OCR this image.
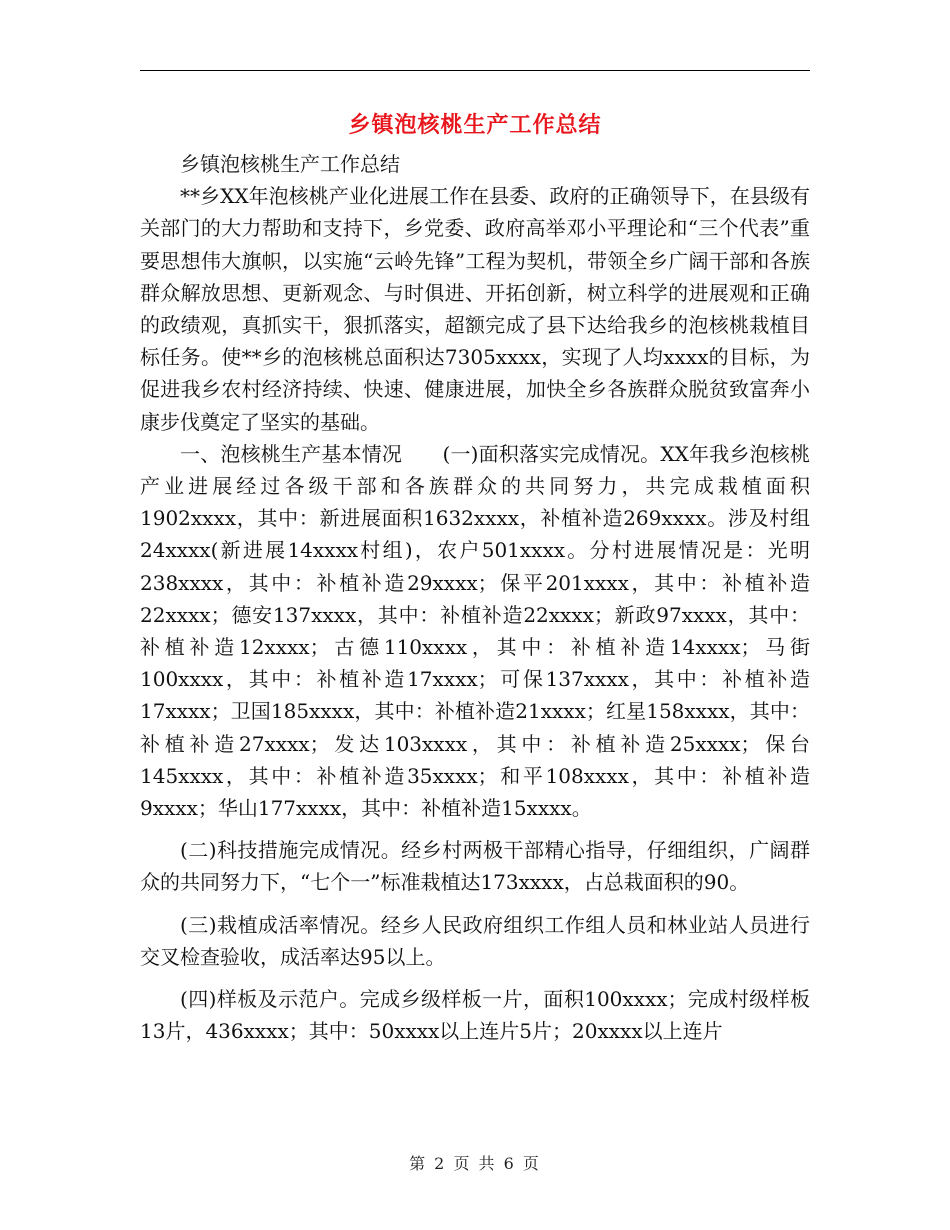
乡镇泡核桃生产工作总结

乡镇泡核桃生产工作总结

**乡XX年泡核桃产业化进展工作在县委、政府的正确领导下，在县级有关部门的大力帮助和支持下，乡党委、政府高举邓小平理论和“三个代表”重要思想伟大旗帜，以实施“云岭先锋”工程为契机，带领全乡广阔干部和各族群众解放思想、更新观念、与时俱进、开拓创新，树立科学的进展观和正确的政绩观，真抓实干，狠抓落实，超额完成了县下达给我乡的泡核桃栽植目标任务。使**乡的泡核桃总面积达7305xxxx，实现了人均xxxx的目标，为促进我乡农村经济持续、快速、健康进展，加快全乡各族群众脱贫致富奔小康步伐奠定了坚实的基础。

一、泡核桃生产基本情况　　(一)面积落实完成情况。XX年我乡泡核桃产业进展经过各级干部和各族群众的共同努力，共完成栽植面积1902xxxx，其中：新进展面积1632xxxx，补植补造269xxxx。涉及村组24xxxx(新进展14xxxx村组)，农户501xxxx。分村进展情况是：光明238xxxx，其中：补植补造29xxxx；保平201xxxx，其中：补植补造22xxxx；德安137xxxx，其中：补植补造22xxxx；新政97xxxx，其中：补植补造12xxxx；古德110xxxx，其中：补植补造14xxxx；马街100xxxx，其中：补植补造17xxxx；可保137xxxx，其中：补植补造17xxxx；卫国185xxxx，其中：补植补造21xxxx；红星158xxxx，其中：补植补造27xxxx；发达103xxxx，其中：补植补造25xxxx；保台145xxxx，其中：补植补造35xxxx；和平108xxxx，其中：补植补造9xxxx；华山177xxxx，其中：补植补造15xxxx。

(二)科技措施完成情况。经乡村两极干部精心指导，仔细组织，广阔群众的共同努力下，“七个一”标准栽植达173xxxx，占总栽面积的90。

(三)栽植成活率情况。经乡人民政府组织工作组人员和林业站人员进行交叉检查验收，成活率达95以上。

(四)样板及示范户。完成乡级样板一片，面积100xxxx；完成村级样板13片，436xxxx；其中：50xxxx以上连片5片；20xxxx以上连片

第 2 页 共 6 页
